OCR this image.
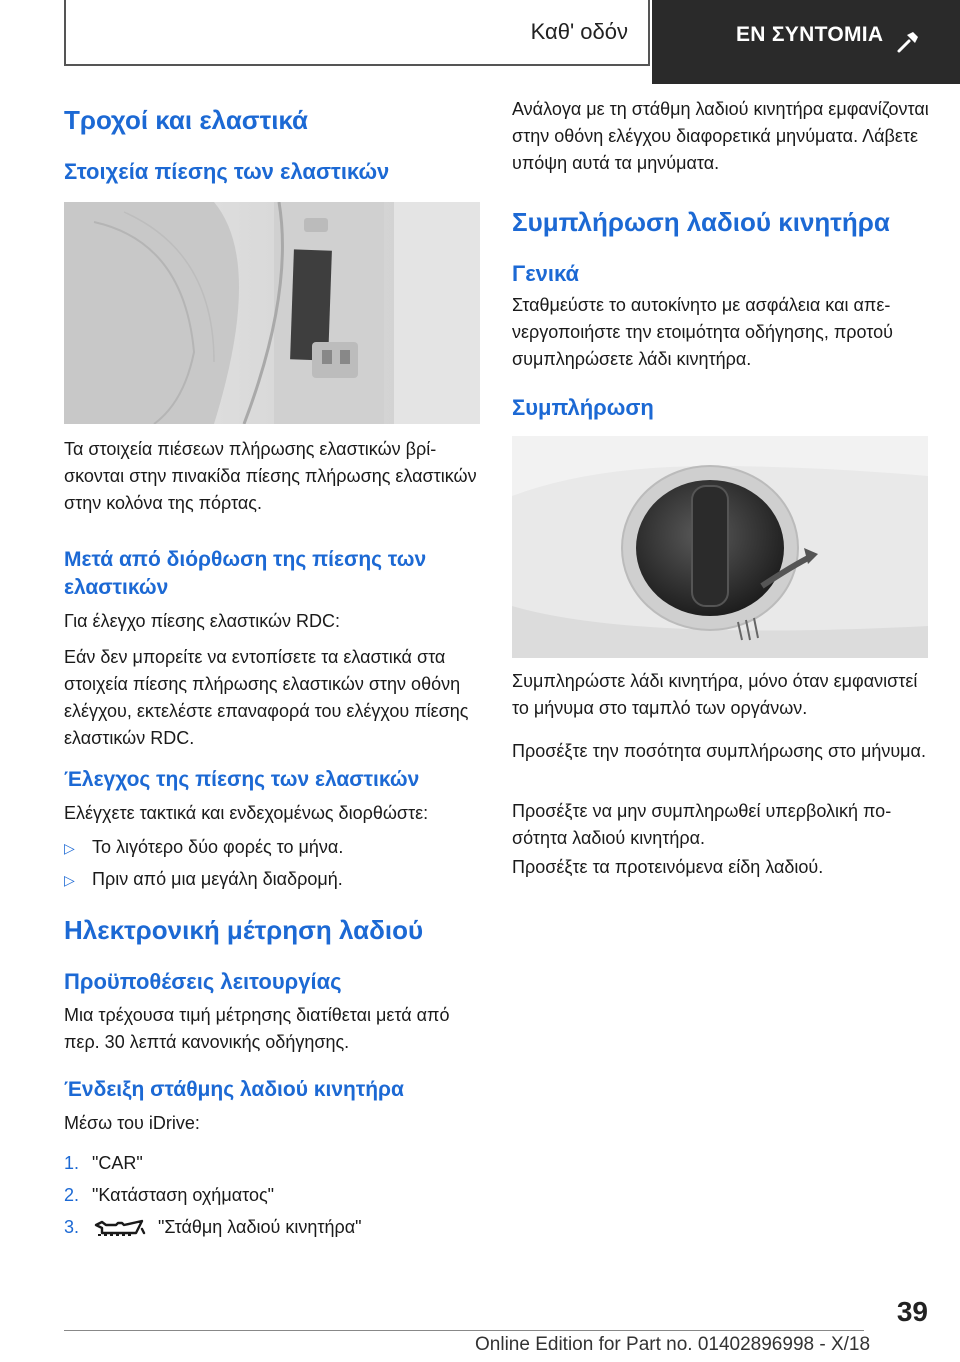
Καθ' οδόν	ΕΝ ΣΥΝΤΟΜΙΑ
Τροχοί και ελαστικά
Στοιχεία πίεσης των ελαστικών

Τα στοιχεία πιέσεων πλήρωσης ελαστικών βρίσκονται στην πινακίδα πίεσης πλήρωσης ελαστικών στην κολόνα της πόρτας.

Μετά από διόρθωση της πίεσης των ελαστικών

Για έλεγχο πίεσης ελαστικών RDC:

Εάν δεν μπορείτε να εντοπίσετε τα ελαστικά στα στοιχεία πίεσης πλήρωσης ελαστικών στην οθόνη ελέγχου, εκτελέστε επαναφορά του ελέγχου πίεσης ελαστικών RDC.

Έλεγχος της πίεσης των ελαστικών

Ελέγχετε τακτικά και ενδεχομένως διορθώστε:

▷ Το λιγότερο δύο φορές το μήνα.
▷ Πριν από μια μεγάλη διαδρομή.
Ηλεκτρονική μέτρηση λαδιού
Προϋποθέσεις λειτουργίας

Μια τρέχουσα τιμή μέτρησης διατίθεται μετά από περ. 30 λεπτά κανονικής οδήγησης.

Ένδειξη στάθμης λαδιού κινητήρα

Μέσω του iDrive:

1. "CAR"
2. "Κατάσταση οχήματος"
3.	"Στάθμη λαδιού κινητήρα"

Ανάλογα με τη στάθμη λαδιού κινητήρα εμφανίζονται στην οθόνη ελέγχου διαφορετικά μηνύματα. Λάβετε υπόψη αυτά τα μηνύματα.

Συμπλήρωση λαδιού κινητήρα
Γενικά

Σταθμεύστε το αυτοκίνητο με ασφάλεια και απενεργοποιήστε την ετοιμότητα οδήγησης, προτού συμπληρώσετε λάδι κινητήρα.

Συμπλήρωση

Συμπληρώστε λάδι κινητήρα, μόνο όταν εμφανιστεί το μήνυμα στο ταμπλό των οργάνων.

Προσέξτε την ποσότητα συμπλήρωσης στο μήνυμα.

Προσέξτε να μην συμπληρωθεί υπερβολική ποσότητα λαδιού κινητήρα.

Προσέξτε τα προτεινόμενα είδη λαδιού.

39
Online Edition for Part no. 01402896998 - X/18
